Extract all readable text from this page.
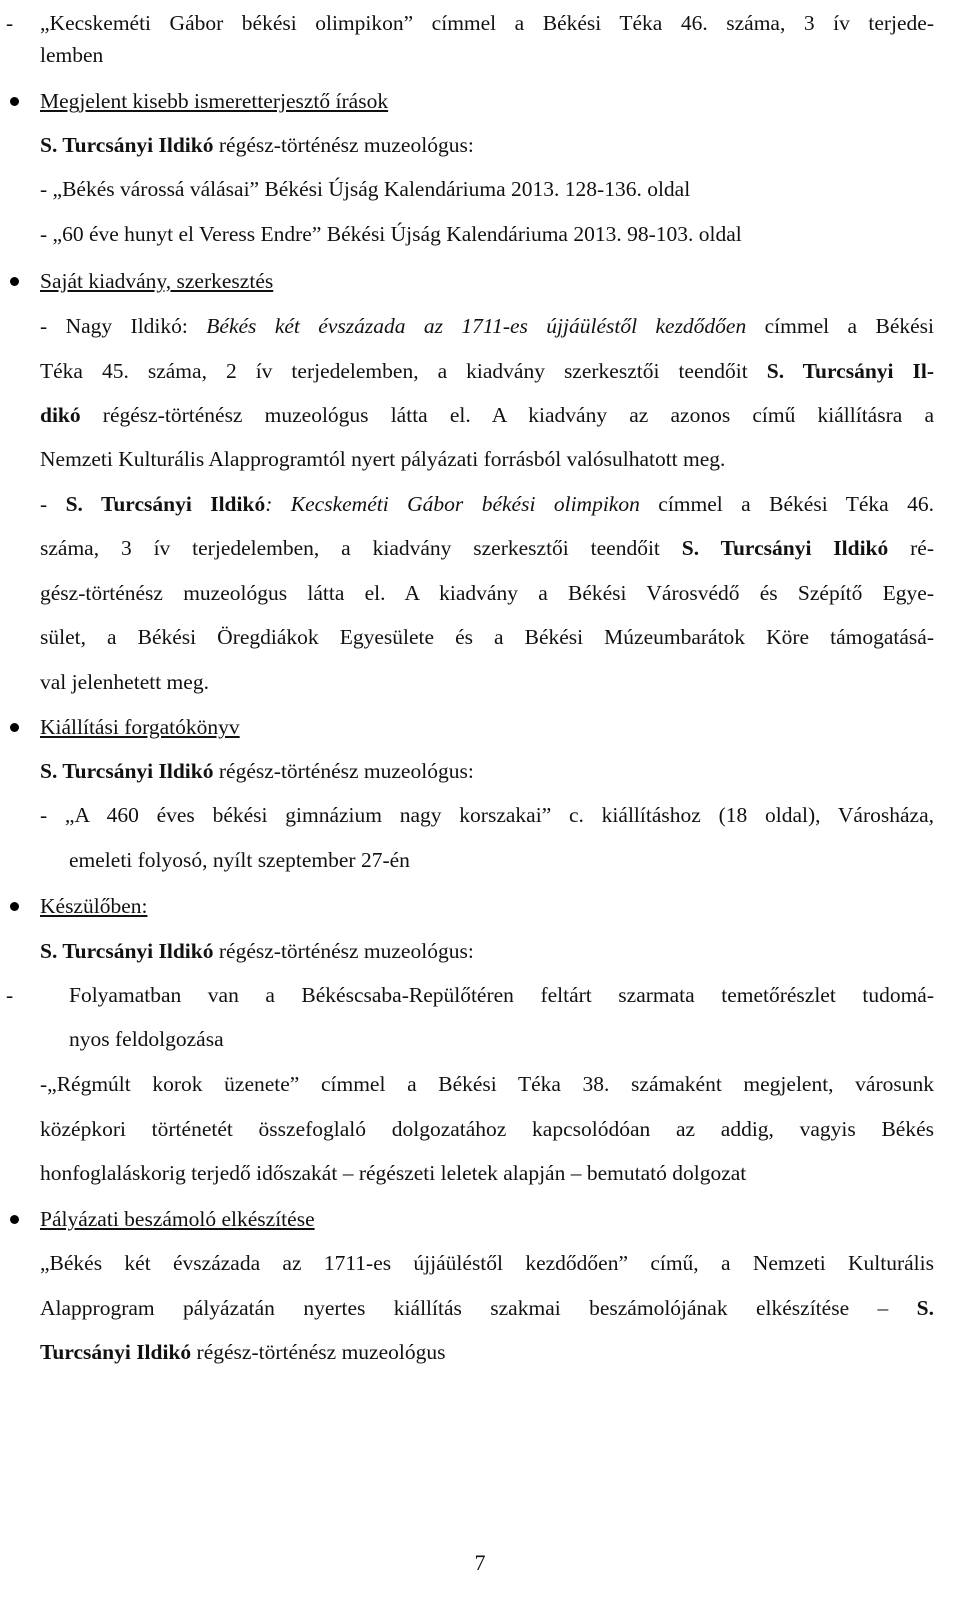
- „Kecskeméti Gábor békési olimpikon” címmel a Békési Téka 46. száma, 3 ív terjede-
lemben
Megjelent kisebb ismeretterjesztő írások
S. Turcsányi Ildikó régész-történész muzeológus:
- „Békés várossá válásai” Békési Újság Kalendáriuma 2013. 128-136. oldal
- „60 éve hunyt el Veress Endre” Békési Újság Kalendáriuma 2013. 98-103. oldal
Saját kiadvány, szerkesztés
- Nagy Ildikó: Békés két évszázada az 1711-es újjáüléstől kezdődően címmel a Békési
Téka 45. száma, 2 ív terjedelemben, a kiadvány szerkesztői teendőit S. Turcsányi Il-
dikó régész-történész muzeológus látta el. A kiadvány az azonos című kiállításra a
Nemzeti Kulturális Alapprogramtól nyert pályázati forrásból valósulhatott meg.
- S. Turcsányi Ildikó: Kecskeméti Gábor békési olimpikon címmel a Békési Téka 46.
száma, 3 ív terjedelemben, a kiadvány szerkesztői teendőit S. Turcsányi Ildikó ré-
gész-történész muzeológus látta el. A kiadvány a Békési Városvédő és Szépítő Egye-
sület, a Békési Öregdiákok Egyesülete és a Békési Múzeumbarátok Köre támogatásá-
val jelenhetett meg.
Kiállítási forgatókönyv
S. Turcsányi Ildikó régész-történész muzeológus:
- „A 460 éves békési gimnázium nagy korszakai” c. kiállításhoz (18 oldal), Városháza,
emeleti folyosó, nyílt szeptember 27-én
Készülőben:
S. Turcsányi Ildikó régész-történész muzeológus:
-	Folyamatban van a Békéscsaba-Repülőtéren feltárt szarmata temetőrészlet tudomá-
nyos feldolgozása
-„Régmúlt korok üzenete” címmel a Békési Téka 38. számaként megjelent, városunk
középkori történetét összefoglaló dolgozatához kapcsolódóan az addig, vagyis Békés
honfoglaláskorig terjedő időszakát – régészeti leletek alapján – bemutató dolgozat
Pályázati beszámoló elkészítése
„Békés két évszázada az 1711-es újjáüléstől kezdődően” című, a Nemzeti Kulturális
Alapprogram pályázatán nyertes kiállítás szakmai beszámolójának elkészítése – S.
Turcsányi Ildikó régész-történész muzeológus
7
